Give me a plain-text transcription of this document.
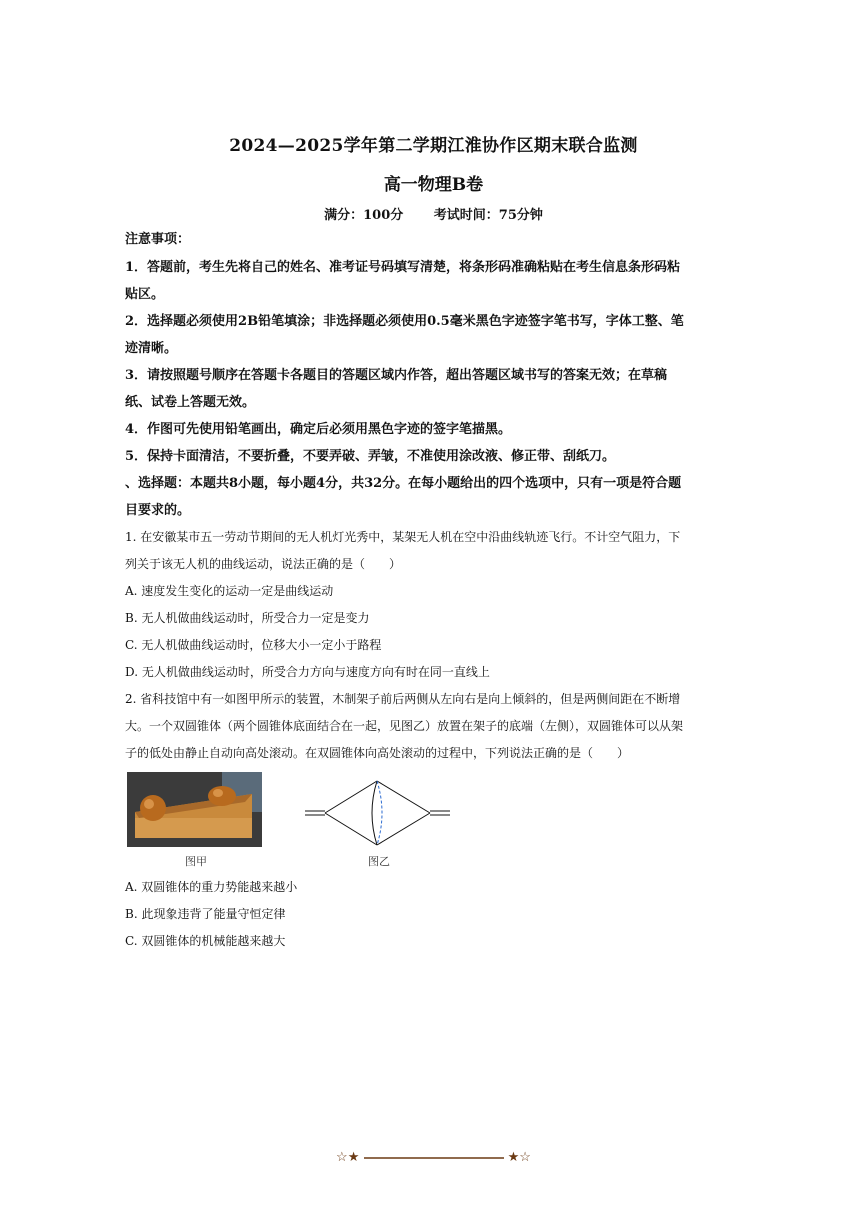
2024—2025学年第二学期江淮协作区期末联合监测
高一物理B卷
满分：100分 考试时间：75分钟
注意事项：

1．答题前，考生先将自己的姓名、准考证号码填写清楚，将条形码准确粘贴在考生信息条形码粘贴区。

2．选择题必须使用2B铅笔填涂；非选择题必须使用0.5毫米黑色字迹签字笔书写，字体工整、笔迹清晰。

3．请按照题号顺序在答题卡各题目的答题区域内作答，超出答题区域书写的答案无效；在草稿纸、试卷上答题无效。

4．作图可先使用铅笔画出，确定后必须用黑色字迹的签字笔描黑。

5．保持卡面清洁，不要折叠，不要弄破、弄皱，不准使用涂改液、修正带、刮纸刀。

、选择题：本题共8小题，每小题4分，共32分。在每小题给出的四个选项中，只有一项是符合题目要求的。

1. 在安徽某市五一劳动节期间的无人机灯光秀中，某架无人机在空中沿曲线轨迹飞行。不计空气阻力，下列关于该无人机的曲线运动，说法正确的是（　　）

A. 速度发生变化的运动一定是曲线运动

B. 无人机做曲线运动时，所受合力一定是变力

C. 无人机做曲线运动时，位移大小一定小于路程

D. 无人机做曲线运动时，所受合力方向与速度方向有时在同一直线上

2. 省科技馆中有一如图甲所示的装置，木制架子前后两侧从左向右是向上倾斜的，但是两侧间距在不断增大。一个双圆锥体（两个圆锥体底面结合在一起，见图乙）放置在架子的底端（左侧），双圆锥体可以从架子的低处由静止自动向高处滚动。在双圆锥体向高处滚动的过程中，下列说法正确的是（　　）

图甲	图乙

A. 双圆锥体的重力势能越来越小

B. 此现象违背了能量守恒定律

C. 双圆锥体的机械能越来越大

☆★	★☆
